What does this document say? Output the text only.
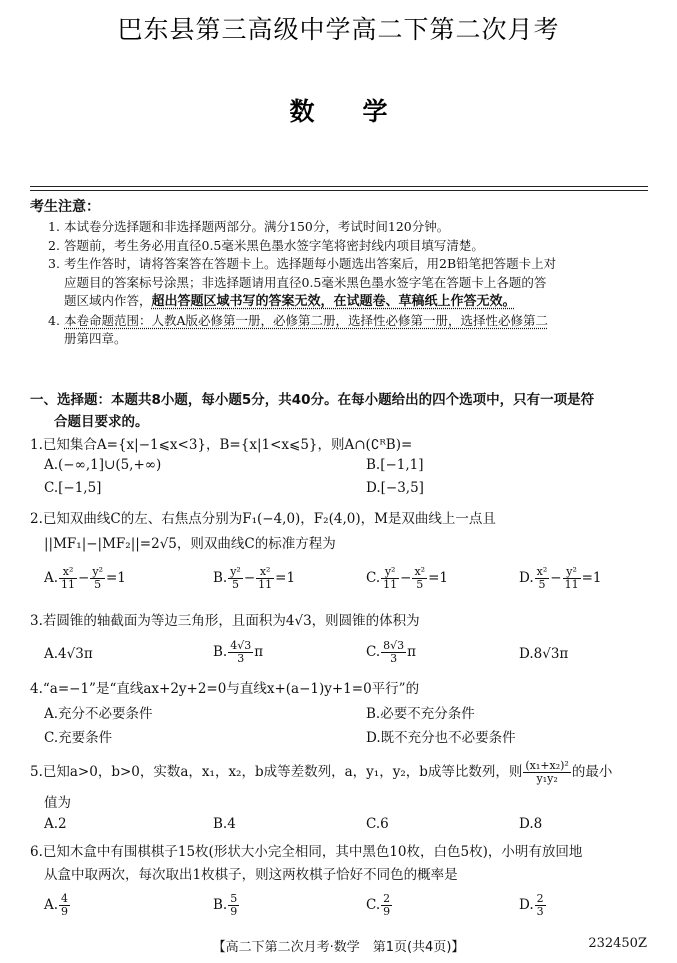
巴东县第三高级中学高二下第二次月考
数学
考生注意：
1. 本试卷分选择题和非选择题两部分。满分150分，考试时间120分钟。
2. 答题前，考生务必用直径0.5毫米黑色墨水签字笔将密封线内项目填写清楚。
3. 考生作答时，请将答案答在答题卡上。选择题每小题选出答案后，用2B铅笔把答题卡上对
应题目的答案标号涂黑；非选择题请用直径0.5毫米黑色墨水签字笔在答题卡上各题的答
题区域内作答，超出答题区域书写的答案无效，在试题卷、草稿纸上作答无效。
4. 本卷命题范围：人教A版必修第一册，必修第二册，选择性必修第一册，选择性必修第二
册第四章。
一、选择题：本题共8小题，每小题5分，共40分。在每小题给出的四个选项中，只有一项是符
合题目要求的。
1.已知集合A={x|−1⩽x<3}，B={x|1<x⩽5}，则A∩(∁ᴿB)=
A.(−∞,1]∪(5,+∞)	B.[−1,1]
C.[−1,5]	D.[−3,5]
2.已知双曲线C的左、右焦点分别为F₁(−4,0)，F₂(4,0)，M是双曲线上一点且
||MF₁|−|MF₂||=2√5，则双曲线C的标准方程为
A. $\frac{\text{x²}}{11} - \frac{\text{y²}}{5} =1$	B. $\frac{\text{y²}}{5} - \frac{\text{x²}}{11} =1$	C. $\frac{\text{y²}}{11} - \frac{\text{x²}}{5} =1$	D. $\frac{\text{x²}}{5} - \frac{\text{y²}}{11} =1$
3.若圆锥的轴截面为等边三角形，且面积为4√3，则圆锥的体积为
A.4√3π	B. $\frac{4√3}{3}$ π	C. $\frac{8√3}{3}$ π	D.8√3π
4.“a=−1”是“直线ax+2y+2=0与直线x+(a−1)y+1=0平行”的
A.充分不必要条件	B.必要不充分条件
C.充要条件	D.既不充分也不必要条件
5.已知a>0，b>0，实数a，x₁，x₂，b成等差数列，a，y₁，y₂，b成等比数列，则 $\frac{\text{(x₁+x₂)²}}{\text{y₁y₂}}$ 的最小
值为
A.2	B.4	C.6	D.8
6.已知木盒中有围棋棋子15枚(形状大小完全相同，其中黑色10枚，白色5枚)，小明有放回地
从盒中取两次，每次取出1枚棋子，则这两枚棋子恰好不同色的概率是
A. $\frac{4}{9}$	B. $\frac{5}{9}$	C. $\frac{2}{9}$	D. $\frac{2}{3}$
【高二下第二次月考·数学　第1页(共4页)】	232450Z
